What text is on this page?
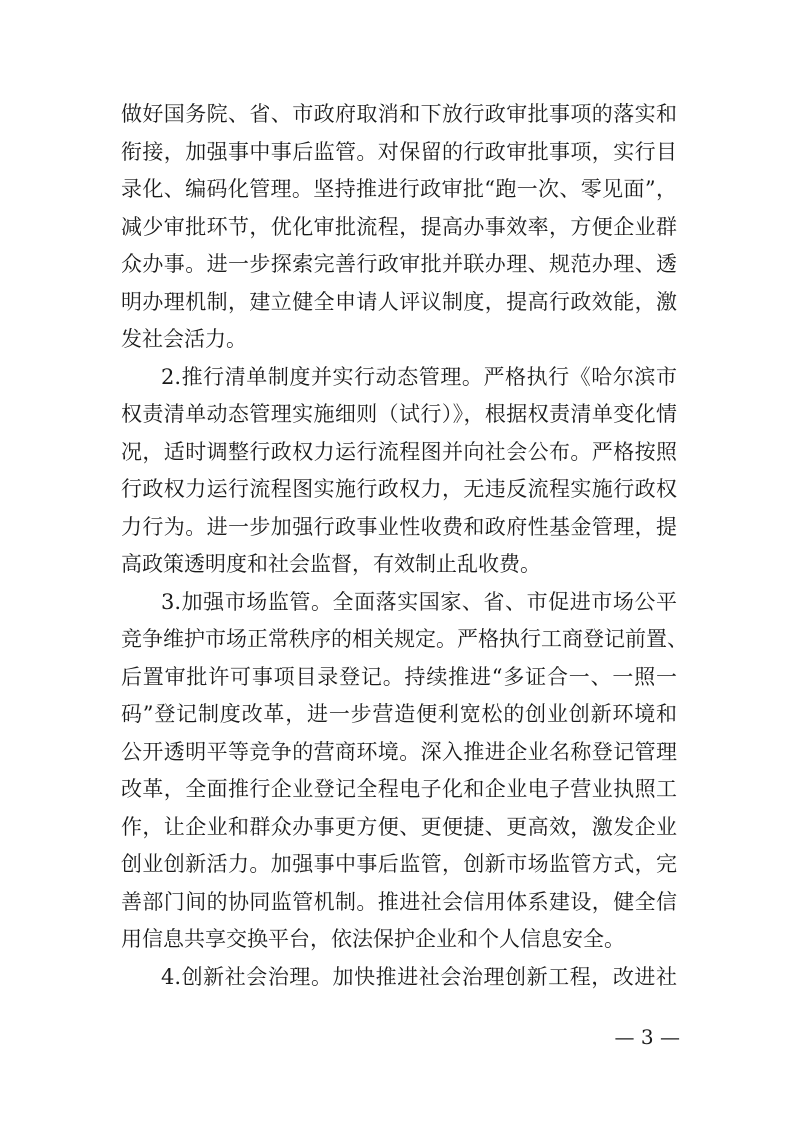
做好国务院、省、市政府取消和下放行政审批事项的落实和
衔接，加强事中事后监管。对保留的行政审批事项，实行目
录化、编码化管理。坚持推进行政审批“跑一次、零见面”，
减少审批环节，优化审批流程，提高办事效率，方便企业群
众办事。进一步探索完善行政审批并联办理、规范办理、透
明办理机制，建立健全申请人评议制度，提高行政效能，激
发社会活力。
2.推行清单制度并实行动态管理。严格执行《哈尔滨市
权责清单动态管理实施细则（试行）》，根据权责清单变化情
况，适时调整行政权力运行流程图并向社会公布。严格按照
行政权力运行流程图实施行政权力，无违反流程实施行政权
力行为。进一步加强行政事业性收费和政府性基金管理，提
高政策透明度和社会监督，有效制止乱收费。
3.加强市场监管。全面落实国家、省、市促进市场公平
竞争维护市场正常秩序的相关规定。严格执行工商登记前置、
后置审批许可事项目录登记。持续推进“多证合一、一照一
码”登记制度改革，进一步营造便利宽松的创业创新环境和
公开透明平等竞争的营商环境。深入推进企业名称登记管理
改革，全面推行企业登记全程电子化和企业电子营业执照工
作，让企业和群众办事更方便、更便捷、更高效，激发企业
创业创新活力。加强事中事后监管，创新市场监管方式，完
善部门间的协同监管机制。推进社会信用体系建设，健全信
用信息共享交换平台，依法保护企业和个人信息安全。
4.创新社会治理。加快推进社会治理创新工程，改进社
— 3 —
